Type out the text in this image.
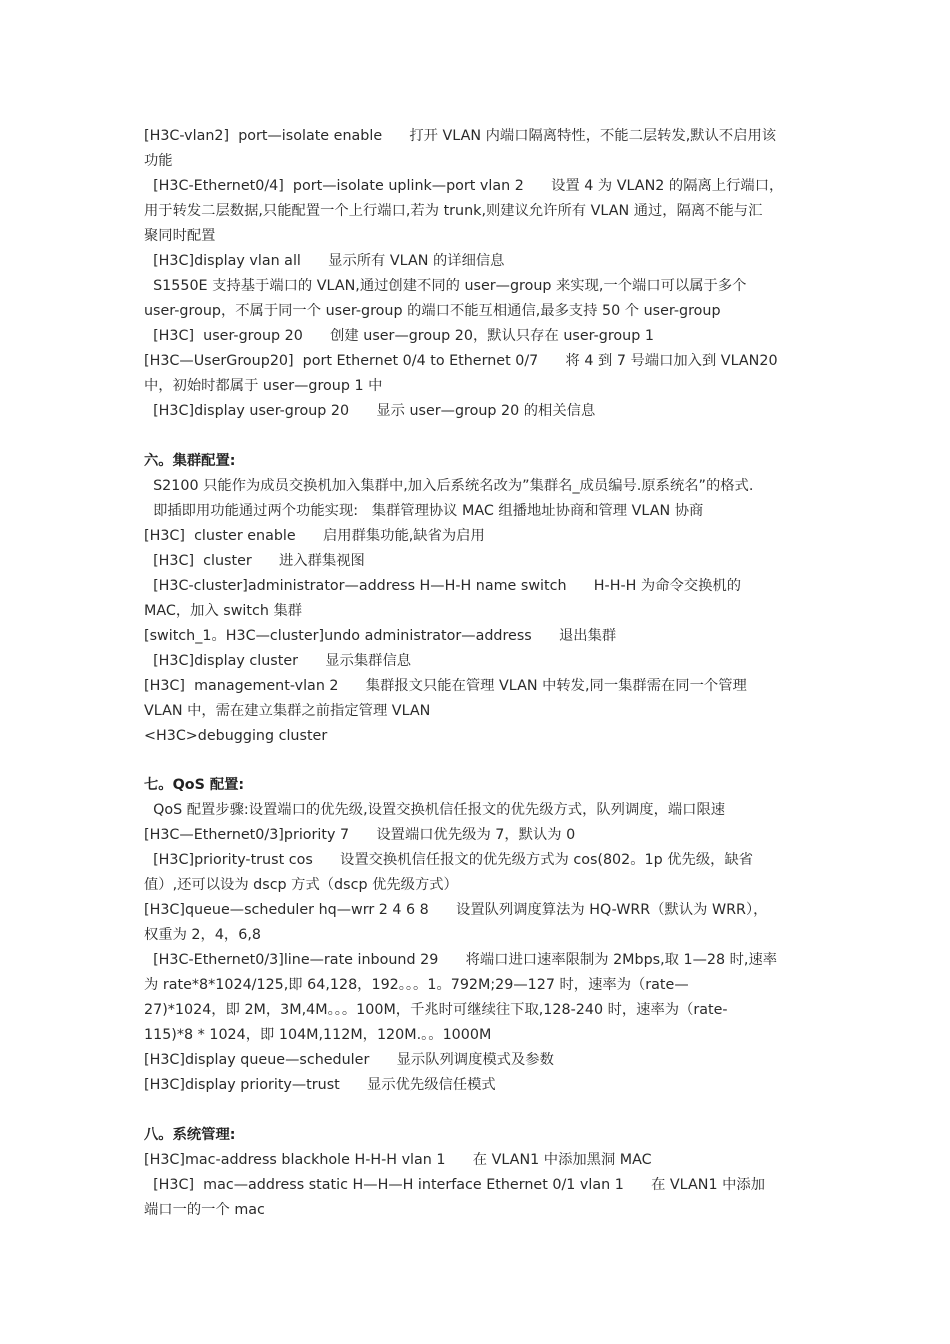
[H3C-vlan2]  port—isolate enable      打开 VLAN 内端口隔离特性，不能二层转发,默认不启用该
功能
[H3C-Ethernet0/4]  port—isolate uplink—port vlan 2      设置 4 为 VLAN2 的隔离上行端口，
用于转发二层数据,只能配置一个上行端口,若为 trunk,则建议允许所有 VLAN 通过，隔离不能与汇
聚同时配置
[H3C]display vlan all      显示所有 VLAN 的详细信息
S1550E 支持基于端口的 VLAN,通过创建不同的 user—group 来实现,一个端口可以属于多个
user-group，不属于同一个 user-group 的端口不能互相通信,最多支持 50 个 user-group
[H3C]  user-group 20      创建 user—group 20，默认只存在 user-group 1
[H3C—UserGroup20]  port Ethernet 0/4 to Ethernet 0/7      将 4 到 7 号端口加入到 VLAN20
中，初始时都属于 user—group 1 中
[H3C]display user-group 20      显示 user—group 20 的相关信息
六。集群配置:
S2100 只能作为成员交换机加入集群中,加入后系统名改为”集群名_成员编号.原系统名”的格式.
即插即用功能通过两个功能实现:   集群管理协议 MAC 组播地址协商和管理 VLAN 协商
[H3C]  cluster enable      启用群集功能,缺省为启用
[H3C]  cluster      进入群集视图
[H3C-cluster]administrator—address H—H-H name switch      H-H-H 为命令交换机的
MAC，加入 switch 集群
[switch_1。H3C—cluster]undo administrator—address      退出集群
[H3C]display cluster      显示集群信息
[H3C]  management-vlan 2      集群报文只能在管理 VLAN 中转发,同一集群需在同一个管理
VLAN 中，需在建立集群之前指定管理 VLAN
<H3C>debugging cluster
七。QoS 配置:
QoS 配置步骤:设置端口的优先级,设置交换机信任报文的优先级方式，队列调度，端口限速
[H3C—Ethernet0/3]priority 7      设置端口优先级为 7，默认为 0
[H3C]priority-trust cos      设置交换机信任报文的优先级方式为 cos(802。1p 优先级，缺省
值）,还可以设为 dscp 方式（dscp 优先级方式）
[H3C]queue—scheduler hq—wrr 2 4 6 8      设置队列调度算法为 HQ-WRR（默认为 WRR），
权重为 2，4，6,8
[H3C-Ethernet0/3]line—rate inbound 29      将端口进口速率限制为 2Mbps,取 1—28 时,速率
为 rate*8*1024/125,即 64,128，192。。。1。792M;29—127 时，速率为（rate—
27)*1024，即 2M，3M,4M。。。100M，千兆时可继续往下取,128-240 时，速率为（rate-
115)*8 * 1024，即 104M,112M，120M.。。1000M
[H3C]display queue—scheduler      显示队列调度模式及参数
[H3C]display priority—trust      显示优先级信任模式
八。系统管理:
[H3C]mac-address blackhole H-H-H vlan 1      在 VLAN1 中添加黑洞 MAC
[H3C]  mac—address static H—H—H interface Ethernet 0/1 vlan 1      在 VLAN1 中添加
端口一的一个 mac
